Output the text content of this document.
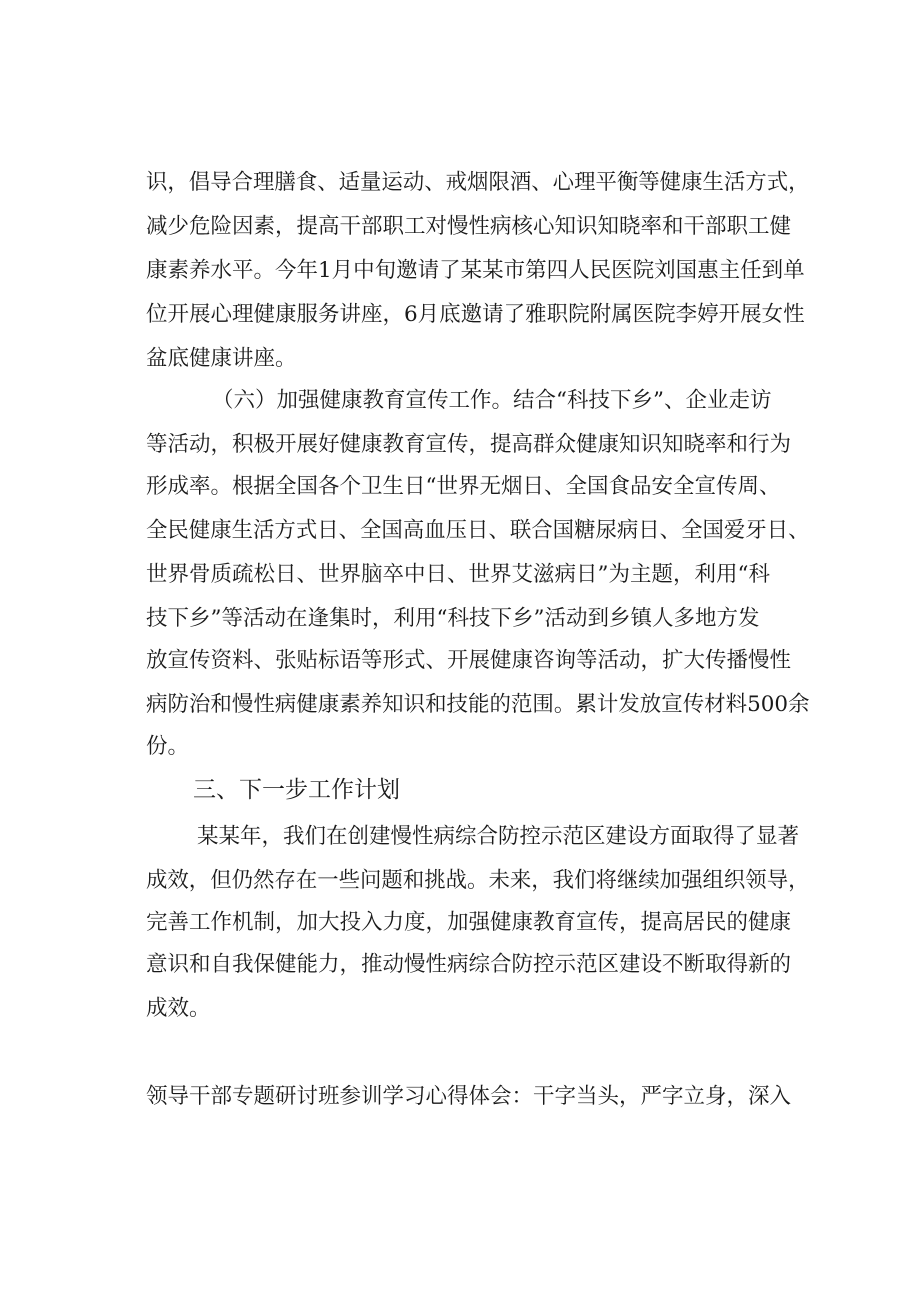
识，倡导合理膳食、适量运动、戒烟限酒、心理平衡等健康生活方式，
减少危险因素，提高干部职工对慢性病核心知识知晓率和干部职工健
康素养水平。今年1月中旬邀请了某某市第四人民医院刘国惠主任到单
位开展心理健康服务讲座，6月底邀请了雅职院附属医院李婷开展女性
盆底健康讲座。
（六）加强健康教育宣传工作。结合“科技下乡”、企业走访
等活动，积极开展好健康教育宣传，提高群众健康知识知晓率和行为
形成率。根据全国各个卫生日“世界无烟日、全国食品安全宣传周、
全民健康生活方式日、全国高血压日、联合国糖尿病日、全国爱牙日、
世界骨质疏松日、世界脑卒中日、世界艾滋病日”为主题，利用“科
技下乡”等活动在逢集时，利用“科技下乡”活动到乡镇人多地方发
放宣传资料、张贴标语等形式、开展健康咨询等活动，扩大传播慢性
病防治和慢性病健康素养知识和技能的范围。累计发放宣传材料500余
份。
三、下一步工作计划
某某年，我们在创建慢性病综合防控示范区建设方面取得了显著
成效，但仍然存在一些问题和挑战。未来，我们将继续加强组织领导，
完善工作机制，加大投入力度，加强健康教育宣传，提高居民的健康
意识和自我保健能力，推动慢性病综合防控示范区建设不断取得新的
成效。
领导干部专题研讨班参训学习心得体会：干字当头，严字立身，深入
